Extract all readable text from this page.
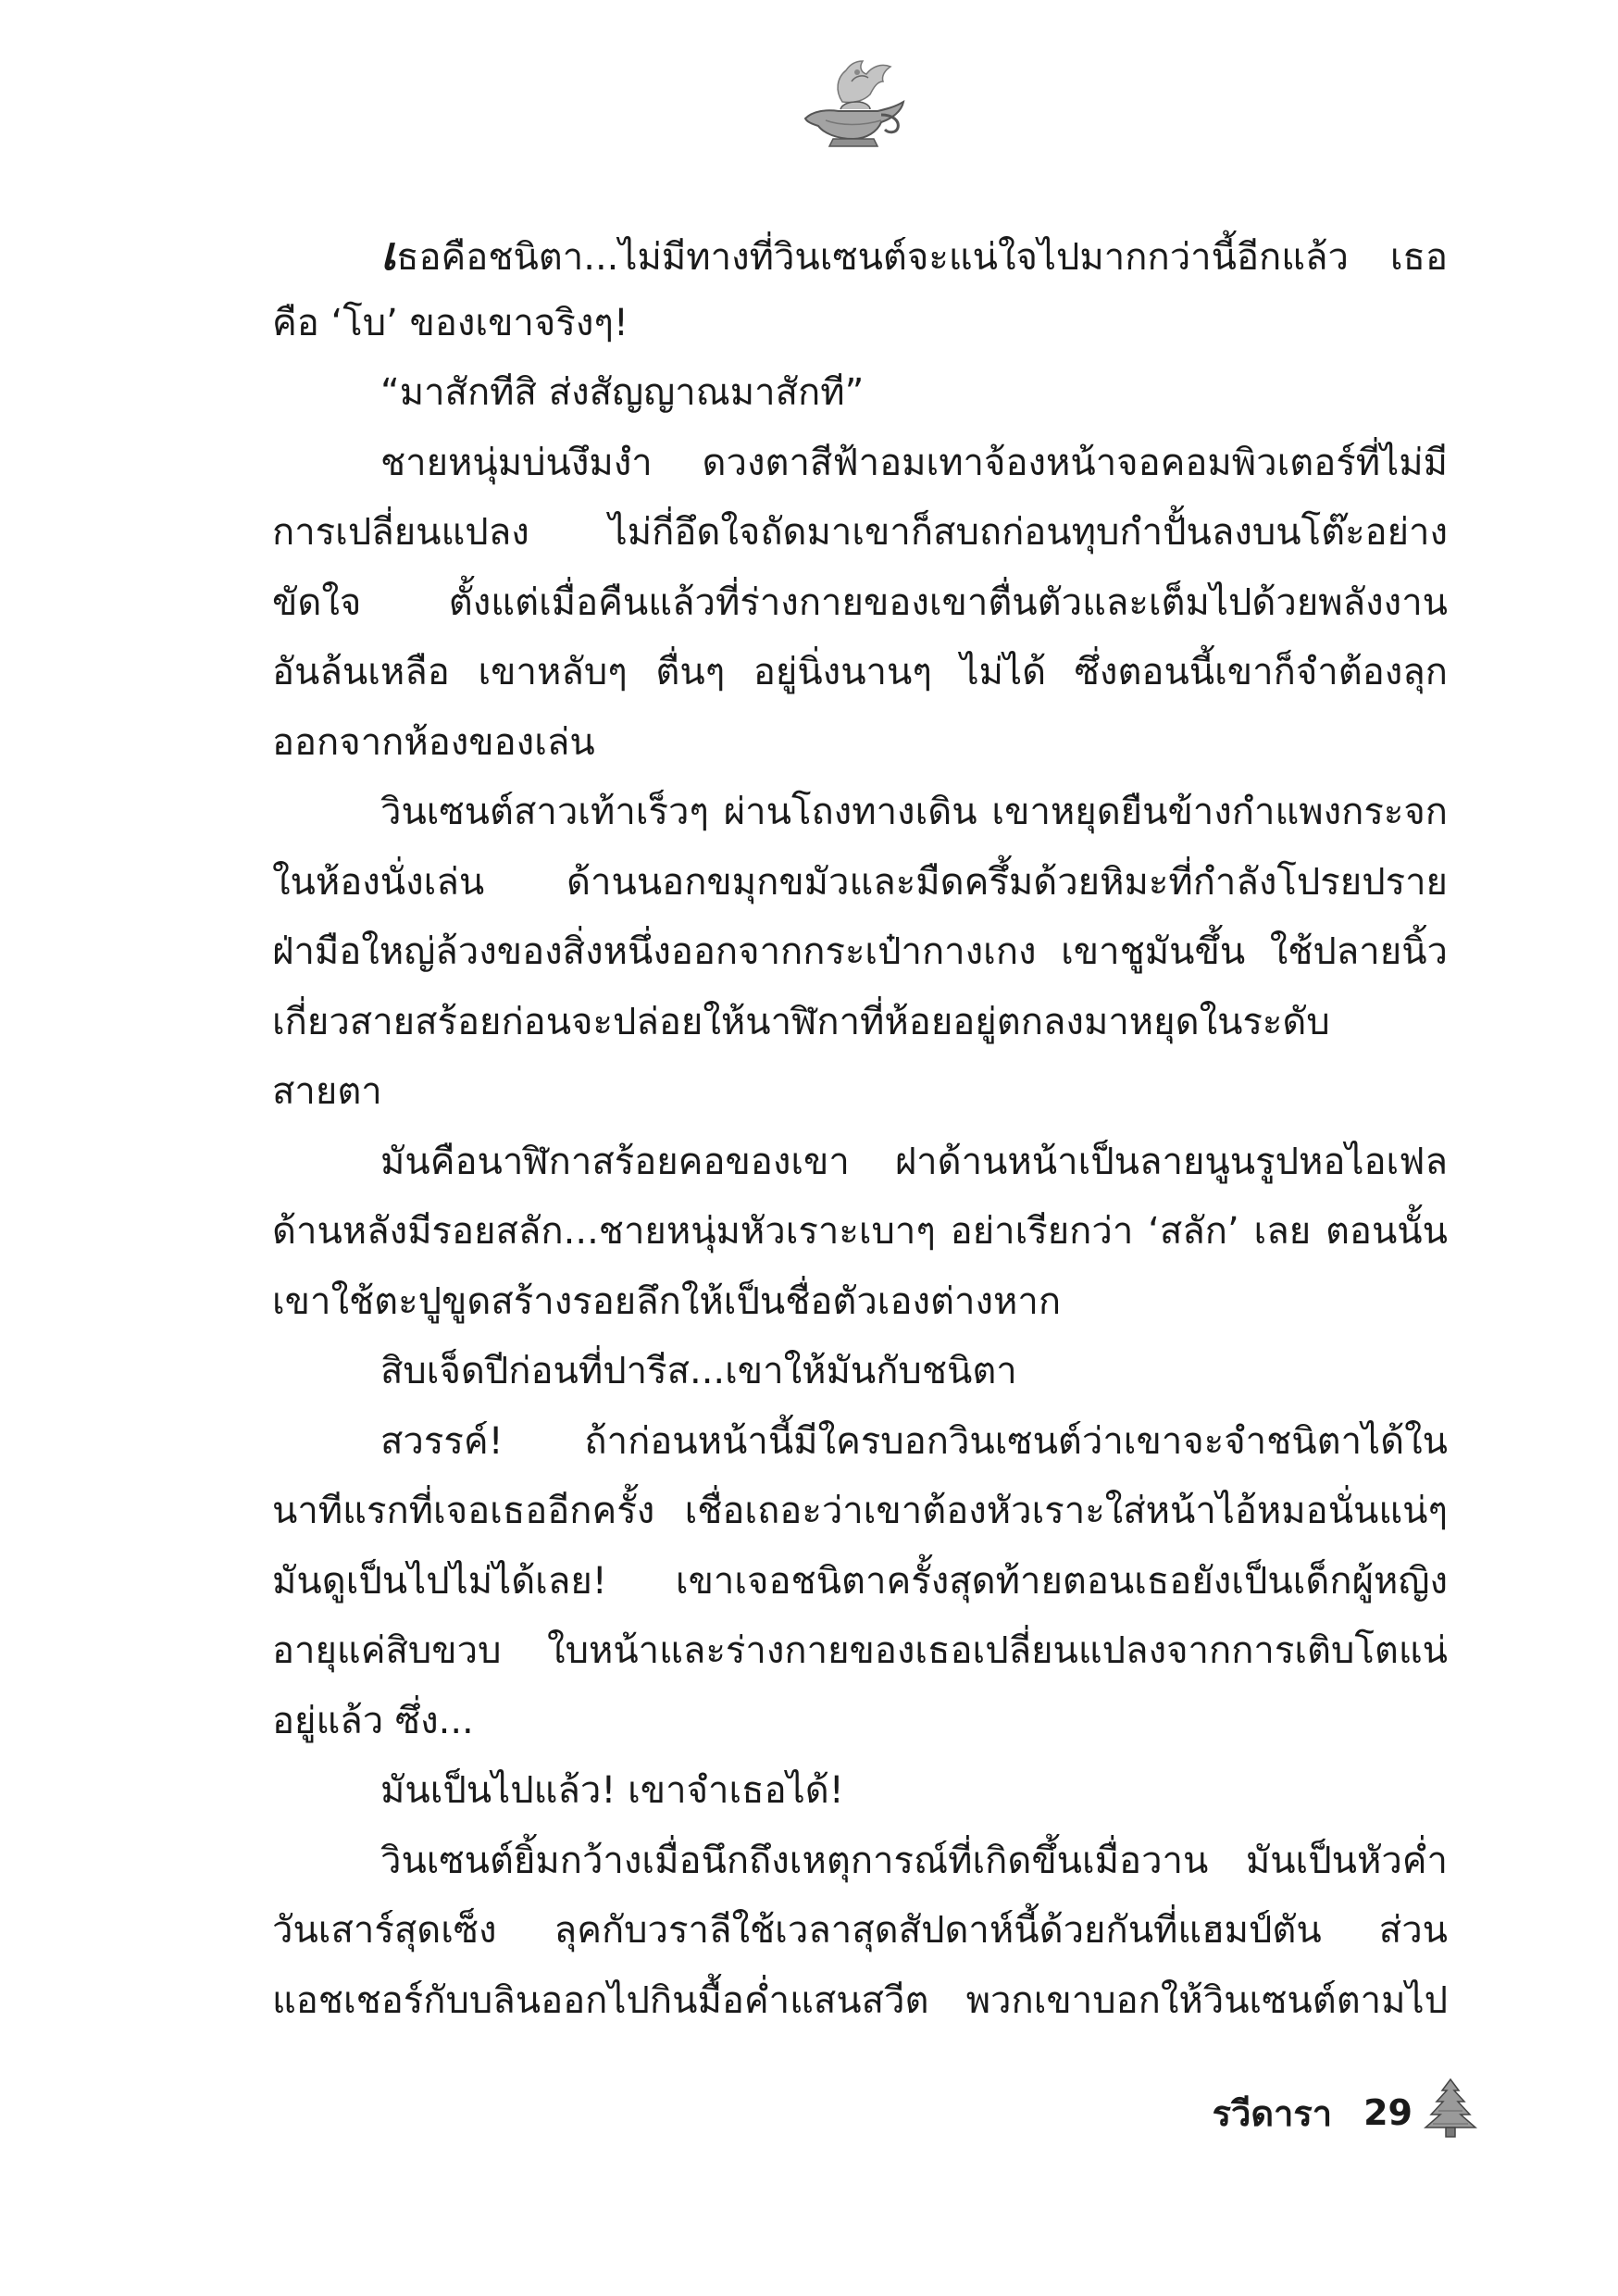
เธอคือชนิตา...ไม่มีทางที่วินเซนต์จะแน่ใจไปมากกว่านี้อีกแล้ว เธอ
คือ ‘โบ’ ของเขาจริงๆ!
“มาสักทีสิ ส่งสัญญาณมาสักที”
ชายหนุ่มบ่นงึมงำ ดวงตาสีฟ้าอมเทาจ้องหน้าจอคอมพิวเตอร์ที่ไม่มี
การเปลี่ยนแปลง ไม่กี่อึดใจถัดมาเขาก็สบถก่อนทุบกำปั้นลงบนโต๊ะอย่าง
ขัดใจ ตั้งแต่เมื่อคืนแล้วที่ร่างกายของเขาตื่นตัวและเต็มไปด้วยพลังงาน
อันล้นเหลือ เขาหลับๆ ตื่นๆ อยู่นิ่งนานๆ ไม่ได้ ซึ่งตอนนี้เขาก็จำต้องลุก
ออกจากห้องของเล่น
วินเซนต์สาวเท้าเร็วๆ ผ่านโถงทางเดิน เขาหยุดยืนข้างกำแพงกระจก
ในห้องนั่งเล่น ด้านนอกขมุกขมัวและมืดครึ้มด้วยหิมะที่กำลังโปรยปราย
ฝ่ามือใหญ่ล้วงของสิ่งหนึ่งออกจากกระเป๋ากางเกง เขาชูมันขึ้น ใช้ปลายนิ้ว
เกี่ยวสายสร้อยก่อนจะปล่อยให้นาฬิกาที่ห้อยอยู่ตกลงมาหยุดในระดับ
สายตา
มันคือนาฬิกาสร้อยคอของเขา ฝาด้านหน้าเป็นลายนูนรูปหอไอเฟล
ด้านหลังมีรอยสลัก...ชายหนุ่มหัวเราะเบาๆ อย่าเรียกว่า ‘สลัก’ เลย ตอนนั้น
เขาใช้ตะปูขูดสร้างรอยลึกให้เป็นชื่อตัวเองต่างหาก
สิบเจ็ดปีก่อนที่ปารีส...เขาให้มันกับชนิตา
สวรรค์! ถ้าก่อนหน้านี้มีใครบอกวินเซนต์ว่าเขาจะจำชนิตาได้ใน
นาทีแรกที่เจอเธออีกครั้ง เชื่อเถอะว่าเขาต้องหัวเราะใส่หน้าไอ้หมอนั่นแน่ๆ
มันดูเป็นไปไม่ได้เลย! เขาเจอชนิตาครั้งสุดท้ายตอนเธอยังเป็นเด็กผู้หญิง
อายุแค่สิบขวบ ใบหน้าและร่างกายของเธอเปลี่ยนแปลงจากการเติบโตแน่
อยู่แล้ว ซึ่ง...
มันเป็นไปแล้ว! เขาจำเธอได้!
วินเซนต์ยิ้มกว้างเมื่อนึกถึงเหตุการณ์ที่เกิดขึ้นเมื่อวาน มันเป็นหัวค่ำ
วันเสาร์สุดเซ็ง ลุคกับวราลีใช้เวลาสุดสัปดาห์นี้ด้วยกันที่แฮมป์ตัน ส่วน
แอชเชอร์กับบลินออกไปกินมื้อค่ำแสนสวีต พวกเขาบอกให้วินเซนต์ตามไป
รวีดารา 29
